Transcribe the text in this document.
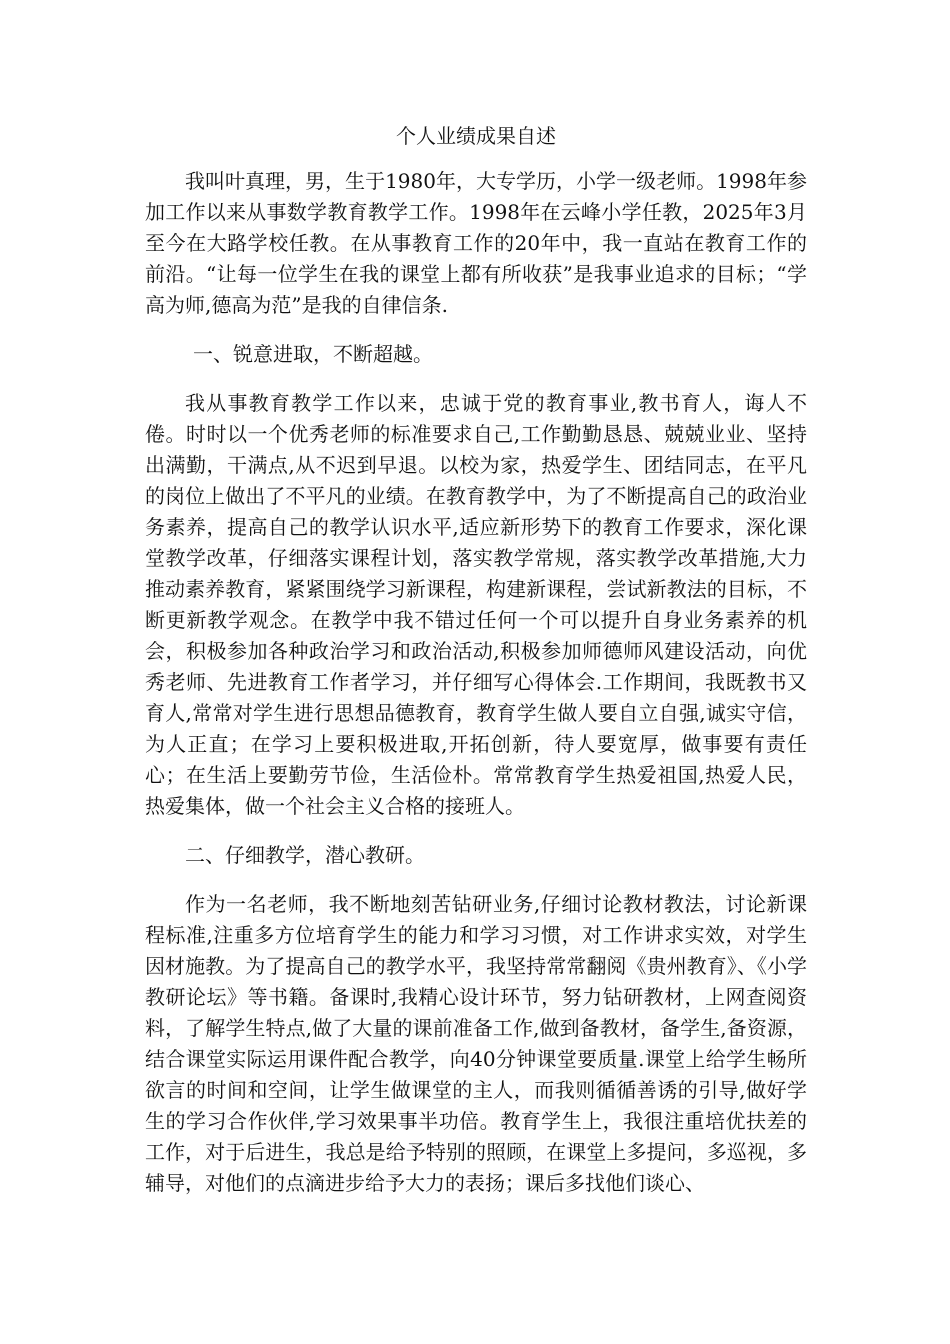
个人业绩成果自述

我叫叶真理，男，生于1980年，大专学历，小学一级老师。1998年参加工作以来从事数学教育教学工作。1998年在云峰小学任教，2025年3月至今在大路学校任教。在从事教育工作的20年中，我一直站在教育工作的前沿。“让每一位学生在我的课堂上都有所收获”是我事业追求的目标；“学高为师,德高为范”是我的自律信条.

一、锐意进取，不断超越。

我从事教育教学工作以来，忠诚于党的教育事业,教书育人，诲人不倦。时时以一个优秀老师的标准要求自己,工作勤勤恳恳、兢兢业业、坚持出满勤，干满点,从不迟到早退。以校为家，热爱学生、团结同志，在平凡的岗位上做出了不平凡的业绩。在教育教学中，为了不断提高自己的政治业务素养，提高自己的教学认识水平,适应新形势下的教育工作要求，深化课堂教学改革，仔细落实课程计划，落实教学常规，落实教学改革措施,大力推动素养教育，紧紧围绕学习新课程，构建新课程，尝试新教法的目标，不断更新教学观念。在教学中我不错过任何一个可以提升自身业务素养的机会，积极参加各种政治学习和政治活动,积极参加师德师风建设活动，向优秀老师、先进教育工作者学习，并仔细写心得体会.工作期间，我既教书又育人,常常对学生进行思想品德教育，教育学生做人要自立自强,诚实守信，为人正直；在学习上要积极进取,开拓创新，待人要宽厚，做事要有责任心；在生活上要勤劳节俭，生活俭朴。常常教育学生热爱祖国,热爱人民，热爱集体，做一个社会主义合格的接班人。

二、仔细教学，潜心教研。

作为一名老师，我不断地刻苦钻研业务,仔细讨论教材教法，讨论新课程标准,注重多方位培育学生的能力和学习习惯，对工作讲求实效，对学生因材施教。为了提高自己的教学水平，我坚持常常翻阅《贵州教育》、《小学教研论坛》等书籍。备课时,我精心设计环节，努力钻研教材，上网查阅资料，了解学生特点,做了大量的课前准备工作,做到备教材，备学生,备资源，结合课堂实际运用课件配合教学，向40分钟课堂要质量.课堂上给学生畅所欲言的时间和空间，让学生做课堂的主人，而我则循循善诱的引导,做好学生的学习合作伙伴,学习效果事半功倍。教育学生上，我很注重培优扶差的工作，对于后进生，我总是给予特别的照顾，在课堂上多提问，多巡视，多辅导，对他们的点滴进步给予大力的表扬；课后多找他们谈心、
